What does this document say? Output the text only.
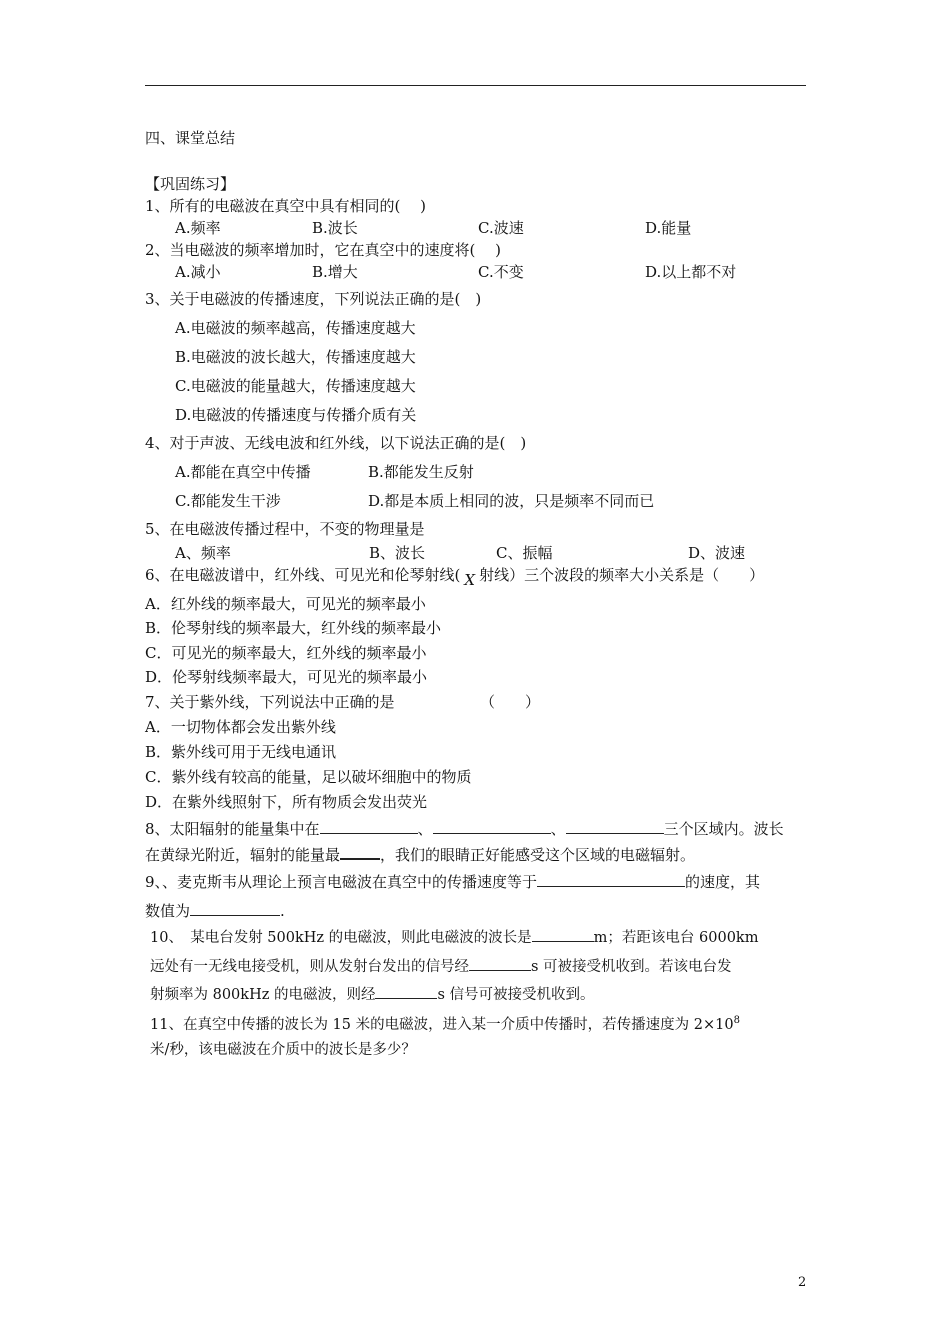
四、课堂总结
【巩固练习】
1、所有的电磁波在真空中具有相同的(　 )
A.频率	B.波长	C.波速	D.能量
2、当电磁波的频率增加时，它在真空中的速度将(　 )
A.减小	B.增大	C.不变	D.以上都不对
3、关于电磁波的传播速度，下列说法正确的是(　)
A.电磁波的频率越高，传播速度越大
B.电磁波的波长越大，传播速度越大
C.电磁波的能量越大，传播速度越大
D.电磁波的传播速度与传播介质有关
4、对于声波、无线电波和红外线，以下说法正确的是(　)
A.都能在真空中传播	B.都能发生反射
C.都能发生干涉	D.都是本质上相同的波，只是频率不同而已
5、在电磁波传播过程中，不变的物理量是
A、频率	B、波长	C、振幅	D、波速
6、在电磁波谱中，红外线、可见光和伦琴射线( X 射线）三个波段的频率大小关系是（　　）
A．红外线的频率最大，可见光的频率最小
B．伦琴射线的频率最大，红外线的频率最小
C．可见光的频率最大，红外线的频率最小
D．伦琴射线频率最大，可见光的频率最小
7、关于紫外线，下列说法中正确的是	（　　）
A．一切物体都会发出紫外线
B．紫外线可用于无线电通讯
C．紫外线有较高的能量，足以破坏细胞中的物质
D．在紫外线照射下，所有物质会发出荧光
8、太阳辐射的能量集中在	、	、	三个区域内。波长
在黄绿光附近，辐射的能量最	，我们的眼睛正好能感受这个区域的电磁辐射。
9、、麦克斯韦从理论上预言电磁波在真空中的传播速度等于	的速度，其
数值为	.
10、　某电台发射 500kHz 的电磁波，则此电磁波的波长是	m；若距该电台 6000km
远处有一无线电接受机，则从发射台发出的信号经	s 可被接受机收到。若该电台发
射频率为 800kHz 的电磁波，则经	s 信号可被接受机收到。
11、在真空中传播的波长为 15 米的电磁波，进入某一介质中传播时，若传播速度为 $2\times 10^8$
米/秒，该电磁波在介质中的波长是多少？
2
